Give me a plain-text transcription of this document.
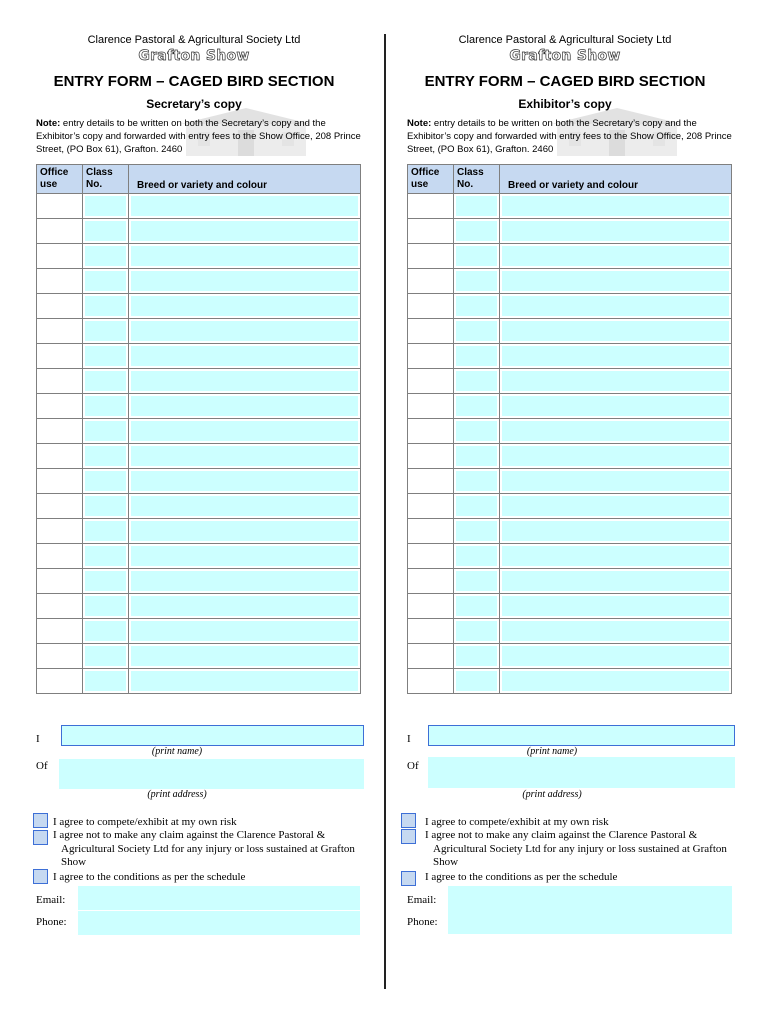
Clarence Pastoral & Agricultural Society Ltd
Grafton Show
ENTRY FORM – CAGED BIRD SECTION
Secretary’s copy
Note: entry details to be written on both the Secretary’s copy and the Exhibitor’s copy and forwarded with entry fees to the Show Office, 208 Prince Street, (PO Box 61), Grafton. 2460
Office use	Class No.	Breed or variety and colour

I
(print name)
Of
(print address)
I agree to compete/exhibit at my own risk
I agree not to make any claim against the Clarence Pastoral & Agricultural Society Ltd for any injury or loss sustained at Grafton Show
I agree to the conditions as per the schedule
Email:
Phone:
Clarence Pastoral & Agricultural Society Ltd
Grafton Show
ENTRY FORM – CAGED BIRD SECTION
Exhibitor’s copy
Note: entry details to be written on both the Secretary’s copy and the Exhibitor’s copy and forwarded with entry fees to the Show Office, 208 Prince Street, (PO Box 61), Grafton. 2460
Office use	Class No.	Breed or variety and colour

I
(print name)
Of
(print address)
I agree to compete/exhibit at my own risk
I agree not to make any claim against the Clarence Pastoral & Agricultural Society Ltd for any injury or loss sustained at Grafton Show
I agree to the conditions as per the schedule
Email:
Phone:
